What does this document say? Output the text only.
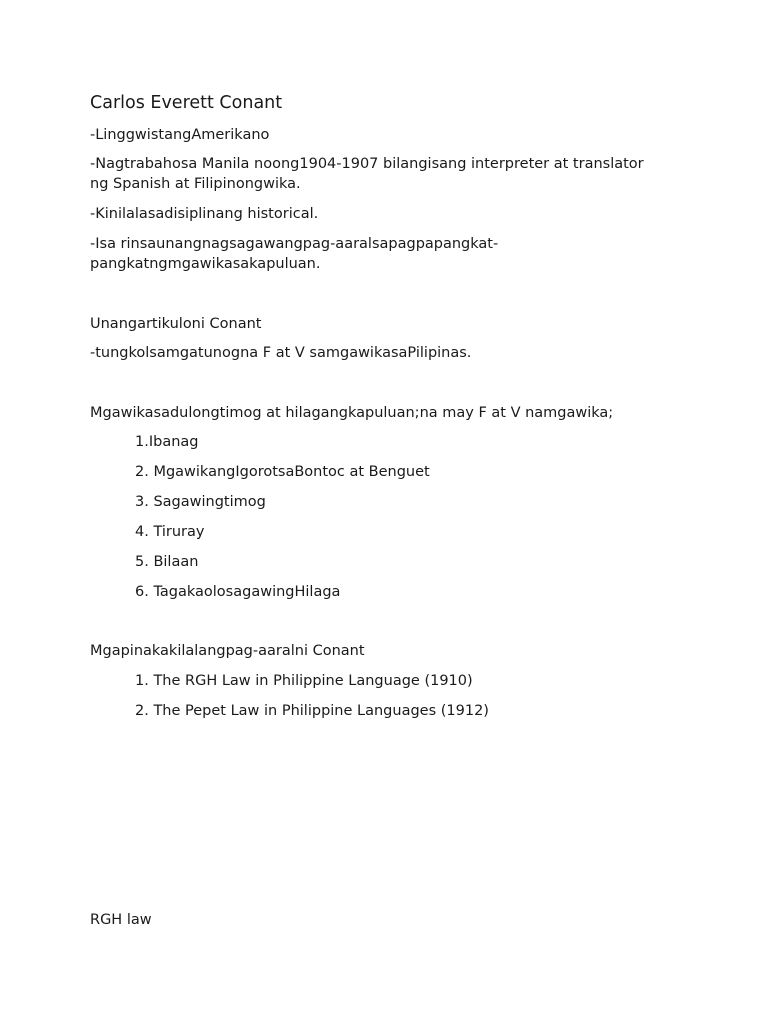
Carlos Everett Conant
-LinggwistangAmerikano
-Nagtrabahosa Manila noong1904-1907 bilangisang interpreter at translator
ng Spanish at Filipinongwika.
-Kinilalasadisiplinang historical.
-Isa rinsaunangnagsagawangpag-aaralsapagpapangkat-
pangkatngmgawikasakapuluan.
Unangartikuloni Conant
-tungkolsamgatunogna F at V samgawikasaPilipinas.
Mgawikasadulongtimog at hilagangkapuluan;na may F at V namgawika;
1.Ibanag
2. MgawikangIgorotsaBontoc at Benguet
3. Sagawingtimog
4. Tiruray
5. Bilaan
6. TagakaolosagawingHilaga
Mgapinakakilalangpag-aaralni Conant
1. The RGH Law in Philippine Language (1910)
2. The Pepet Law in Philippine Languages (1912)
RGH law
